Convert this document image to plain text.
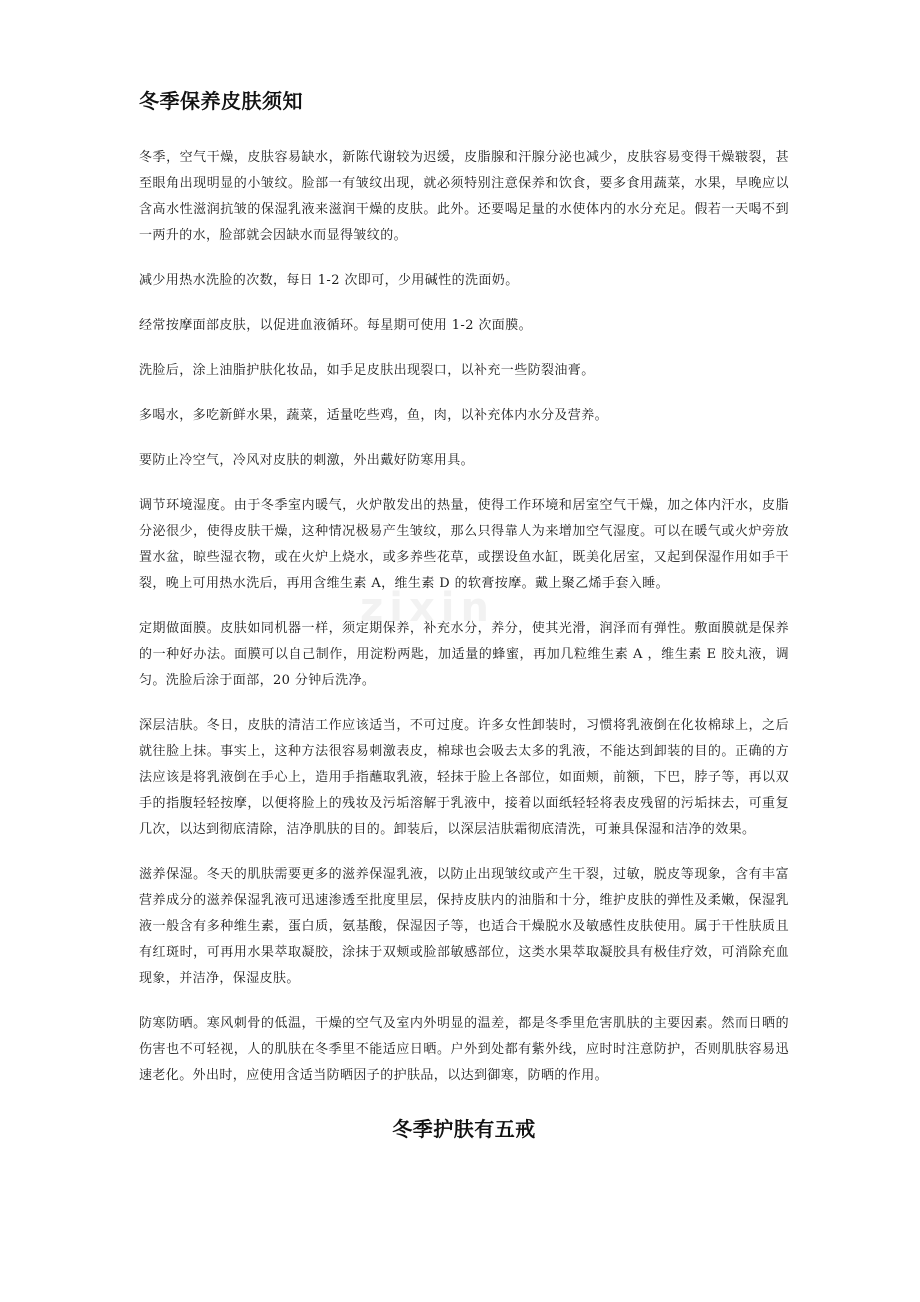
冬季保养皮肤须知

冬季，空气干燥，皮肤容易缺水，新陈代谢较为迟缓，皮脂腺和汗腺分泌也减少，皮肤容易变得干燥皲裂，甚至眼角出现明显的小皱纹。脸部一有皱纹出现，就必须特别注意保养和饮食，要多食用蔬菜，水果，早晚应以含高水性滋润抗皱的保湿乳液来滋润干燥的皮肤。此外。还要喝足量的水使体内的水分充足。假若一天喝不到一两升的水，脸部就会因缺水而显得皱纹的。

减少用热水洗脸的次数，每日 1-2 次即可，少用碱性的洗面奶。

经常按摩面部皮肤，以促进血液循环。每星期可使用 1-2 次面膜。

洗脸后，涂上油脂护肤化妆品，如手足皮肤出现裂口，以补充一些防裂油膏。

多喝水，多吃新鲜水果，蔬菜，适量吃些鸡，鱼，肉，以补充体内水分及营养。

要防止冷空气，冷风对皮肤的刺激，外出戴好防寒用具。

调节环境湿度。由于冬季室内暖气，火炉散发出的热量，使得工作环境和居室空气干燥，加之体内汗水，皮脂分泌很少，使得皮肤干燥，这种情况极易产生皱纹，那么只得靠人为来增加空气湿度。可以在暖气或火炉旁放置水盆，晾些湿衣物，或在火炉上烧水，或多养些花草，或摆设鱼水缸，既美化居室，又起到保湿作用如手干裂，晚上可用热水洗后，再用含维生素 A，维生素 D 的软膏按摩。戴上聚乙烯手套入睡。

定期做面膜。皮肤如同机器一样，须定期保养，补充水分，养分，使其光滑，润泽而有弹性。敷面膜就是保养的一种好办法。面膜可以自己制作，用淀粉两匙，加适量的蜂蜜，再加几粒维生素 A ，维生素 E 胶丸液，调匀。洗脸后涂于面部，20 分钟后洗净。

深层洁肤。冬日，皮肤的清洁工作应该适当，不可过度。许多女性卸装时，习惯将乳液倒在化妆棉球上，之后就往脸上抹。事实上，这种方法很容易刺激表皮，棉球也会吸去太多的乳液，不能达到卸装的目的。正确的方法应该是将乳液倒在手心上，造用手指蘸取乳液，轻抹于脸上各部位，如面颊，前额，下巴，脖子等，再以双手的指腹轻轻按摩，以便将脸上的残妆及污垢溶解于乳液中，接着以面纸轻轻将表皮残留的污垢抹去，可重复几次，以达到彻底清除，洁净肌肤的目的。卸装后，以深层洁肤霜彻底清洗，可兼具保湿和洁净的效果。

滋养保湿。冬天的肌肤需要更多的滋养保湿乳液，以防止出现皱纹或产生干裂，过敏，脱皮等现象，含有丰富营养成分的滋养保湿乳液可迅速渗透至批度里层，保持皮肤内的油脂和十分，维护皮肤的弹性及柔嫩，保湿乳液一般含有多种维生素，蛋白质，氨基酸，保湿因子等，也适合干燥脱水及敏感性皮肤使用。属于干性肤质且有红斑时，可再用水果萃取凝胶，涂抹于双颊或脸部敏感部位，这类水果萃取凝胶具有极佳疗效，可消除充血现象，并洁净，保湿皮肤。

防寒防晒。寒风刺骨的低温，干燥的空气及室内外明显的温差，都是冬季里危害肌肤的主要因素。然而日晒的伤害也不可轻视，人的肌肤在冬季里不能适应日晒。户外到处都有紫外线，应时时注意防护，否则肌肤容易迅速老化。外出时，应使用含适当防晒因子的护肤品，以达到御寒，防晒的作用。

冬季护肤有五戒
zixin
